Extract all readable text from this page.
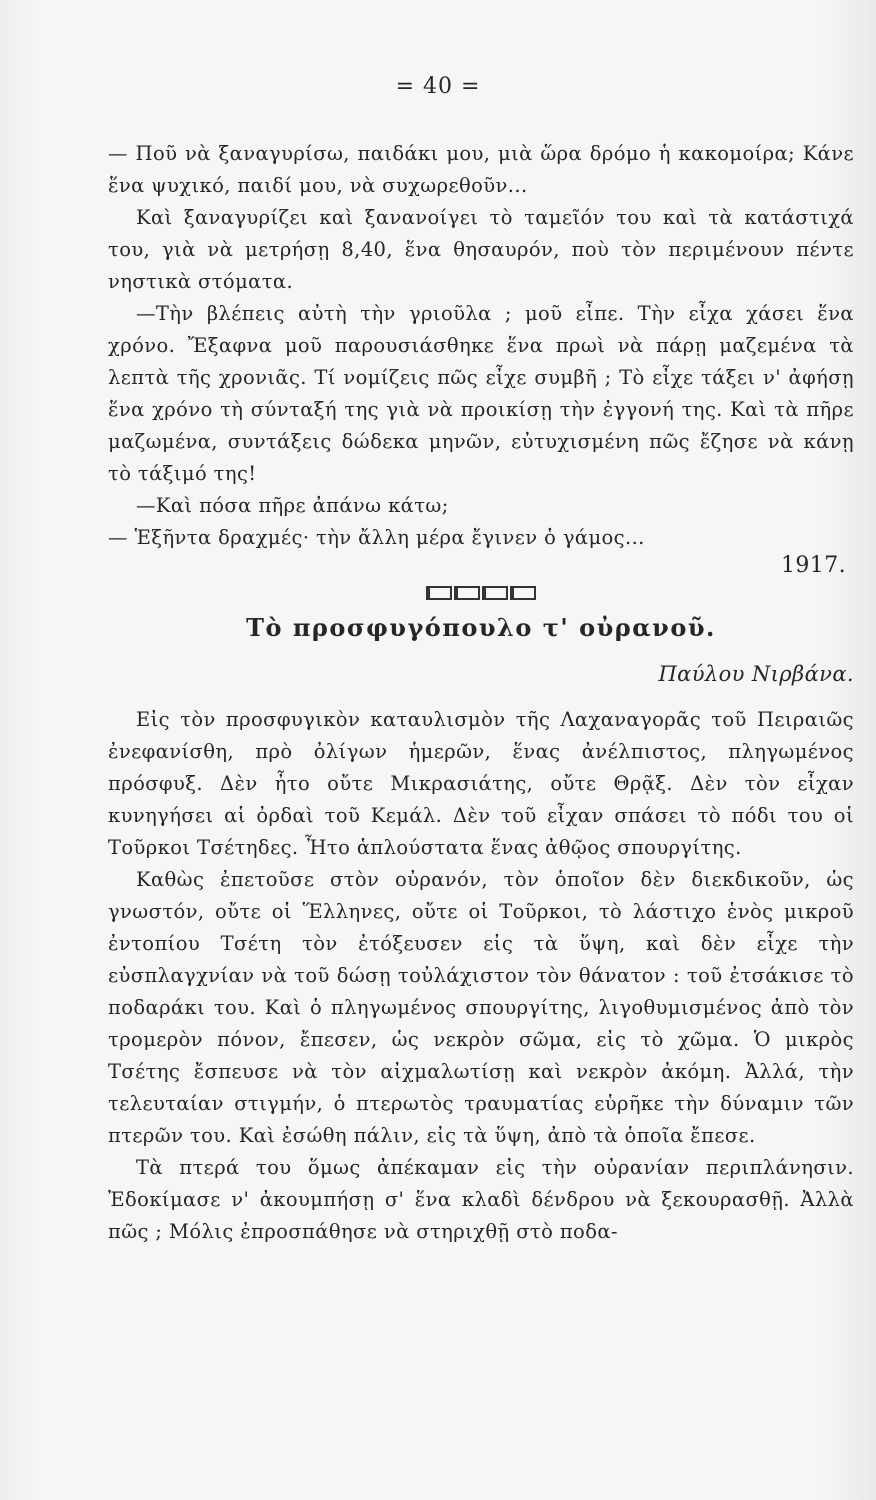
= 40 =

— Ποῦ νὰ ξαναγυρίσω, παιδάκι μου, μιὰ ὥρα δρόμο ἡ κακομοίρα; Κάνε ἕνα ψυχικό, παιδί μου, νὰ συχωρεθοῦν...

Καὶ ξαναγυρίζει καὶ ξανανοίγει τὸ ταμεῖόν του καὶ τὰ κατάστιχά του, γιὰ νὰ μετρήσῃ 8,40, ἕνα θησαυρόν, ποὺ τὸν περιμένουν πέντε νηστικὰ στόματα.

—Τὴν βλέπεις αὐτὴ τὴν γριοῦλα ; μοῦ εἶπε. Τὴν εἶχα χάσει ἕνα χρόνο. Ἔξαφνα μοῦ παρουσιάσθηκε ἕνα πρωὶ νὰ πάρῃ μαζεμένα τὰ λεπτὰ τῆς χρονιᾶς. Τί νομίζεις πῶς εἶχε συμβῆ ; Τὸ εἶχε τάξει ν' ἀφήσῃ ἕνα χρόνο τὴ σύνταξή της γιὰ νὰ προικίσῃ τὴν ἐγγονή της. Καὶ τὰ πῆρε μαζωμένα, συντάξεις δώδεκα μηνῶν, εὐτυχισμένη πῶς ἔζησε νὰ κάνῃ τὸ τάξιμό της!

—Καὶ πόσα πῆρε ἀπάνω κάτω;

— Ἑξῆντα δραχμές· τὴν ἄλλη μέρα ἔγινεν ὁ γάμος...

1917.

Τὸ προσφυγόπουλο τ' οὐρανοῦ.

Παύλου Νιρβάνα.

Εἰς τὸν προσφυγικὸν καταυλισμὸν τῆς Λαχαναγορᾶς τοῦ Πειραιῶς ἐνεφανίσθη, πρὸ ὀλίγων ἡμερῶν, ἕνας ἀνέλπιστος, πληγωμένος πρόσφυξ. Δὲν ἦτο οὔτε Μικρασιάτης, οὔτε Θρᾷξ. Δὲν τὸν εἶχαν κυνηγήσει αἱ ὀρδαὶ τοῦ Κεμάλ. Δὲν τοῦ εἶχαν σπάσει τὸ πόδι του οἱ Τοῦρκοι Τσέτηδες. Ἦτο ἁπλούστατα ἕνας ἀθῷος σπουργίτης.

Καθὼς ἐπετοῦσε στὸν οὐρανόν, τὸν ὁποῖον δὲν διεκδικοῦν, ὡς γνωστόν, οὔτε οἱ Ἕλληνες, οὔτε οἱ Τοῦρκοι, τὸ λάστιχο ἑνὸς μικροῦ ἐντοπίου Τσέτη τὸν ἐτόξευσεν εἰς τὰ ὕψη, καὶ δὲν εἶχε τὴν εὐσπλαγχνίαν νὰ τοῦ δώσῃ τοὐλάχιστον τὸν θάνατον : τοῦ ἐτσάκισε τὸ ποδαράκι του. Καὶ ὁ πληγωμένος σπουργίτης, λιγοθυμισμένος ἀπὸ τὸν τρομερὸν πόνον, ἔπεσεν, ὡς νεκρὸν σῶμα, εἰς τὸ χῶμα. Ὁ μικρὸς Τσέτης ἔσπευσε νὰ τὸν αἰχμαλωτίσῃ καὶ νεκρὸν ἀκόμη. Ἀλλά, τὴν τελευταίαν στιγμήν, ὁ πτερωτὸς τραυματίας εὑρῆκε τὴν δύναμιν τῶν πτερῶν του. Καὶ ἐσώθη πάλιν, εἰς τὰ ὕψη, ἀπὸ τὰ ὁποῖα ἔπεσε.

Τὰ πτερά του ὅμως ἀπέκαμαν εἰς τὴν οὐρανίαν περιπλάνησιν. Ἐδοκίμασε ν' ἀκουμπήσῃ σ' ἕνα κλαδὶ δένδρου νὰ ξεκουρασθῇ. Ἀλλὰ πῶς ; Μόλις ἐπροσπάθησε νὰ στηριχθῇ στὸ ποδα-
